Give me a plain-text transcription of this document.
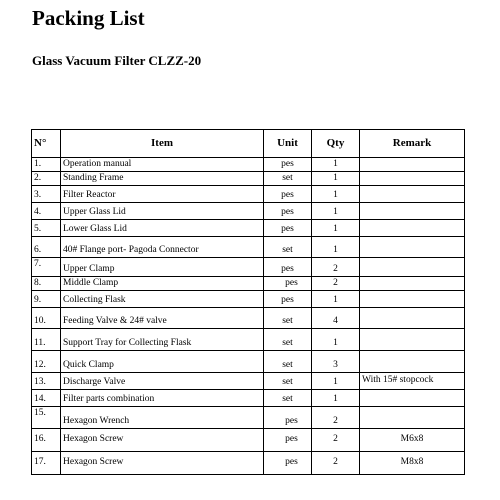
Packing List
Glass Vacuum Filter CLZZ-20
N°	Item	Unit	Qty	Remark
1.	Operation manual	pes	1	
2.	Standing Frame	set	1	
3.	Filter Reactor	pes	1	
4.	Upper Glass Lid	pes	1	
5.	Lower Glass Lid	pes	1	
6.	40# Flange port- Pagoda Connector	set	1	
7.	Upper Clamp	pes	2	
8.	Middle Clamp	pes	2	
9.	Collecting Flask	pes	1	
10.	Feeding Valve & 24# valve	set	4	
11.	Support Tray for Collecting Flask	set	1	
12.	Quick Clamp	set	3	
13.	Discharge Valve	set	1	With 15# stopcock
14.	Filter parts combination	set	1	
15.	Hexagon Wrench	pes	2	
16.	Hexagon Screw	pes	2	M6x8
17.	Hexagon Screw	pes	2	M8x8
